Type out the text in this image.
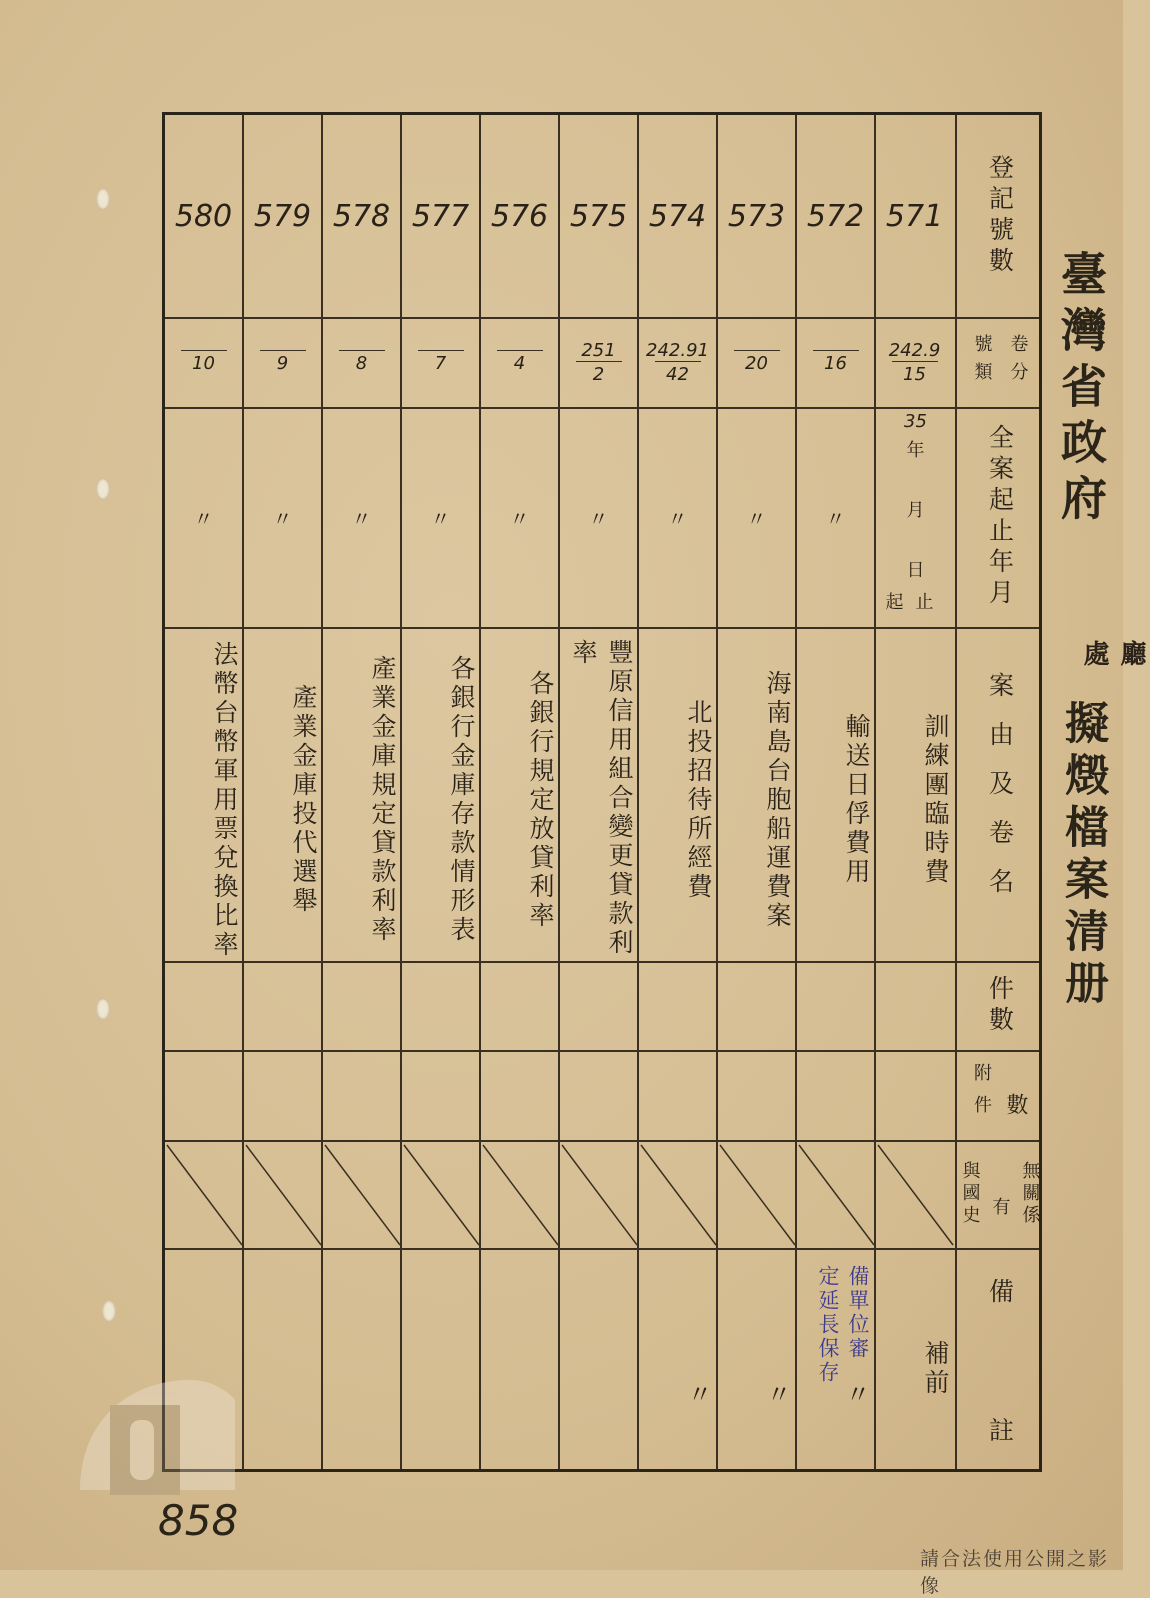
臺灣省政府
廳
處
擬燬檔案清册
登記號數
號類 卷分
全案起止年月
案由及卷名
件數
附件 數
與國史 有 無關係
備
註
35
年
月
日
起止
571
242.9
15
訓練團臨時費
補前
572
16
〃
輸送日俘費用
〃
573
20
〃
海南島台胞船運費案
〃
574
242.91
42
〃
北投招待所經費
〃
575
251
2
〃
豐原信用組合變更貸款利率
576
4
〃
各銀行規定放貸利率
577
7
〃
各銀行金庫存款情形表
578
8
〃
產業金庫規定貸款利率
579
9
〃
產業金庫投代選舉
580
10
〃
法幣台幣軍用票兌換比率
備單位審
定延長保存
858
請合法使用公開之影像
